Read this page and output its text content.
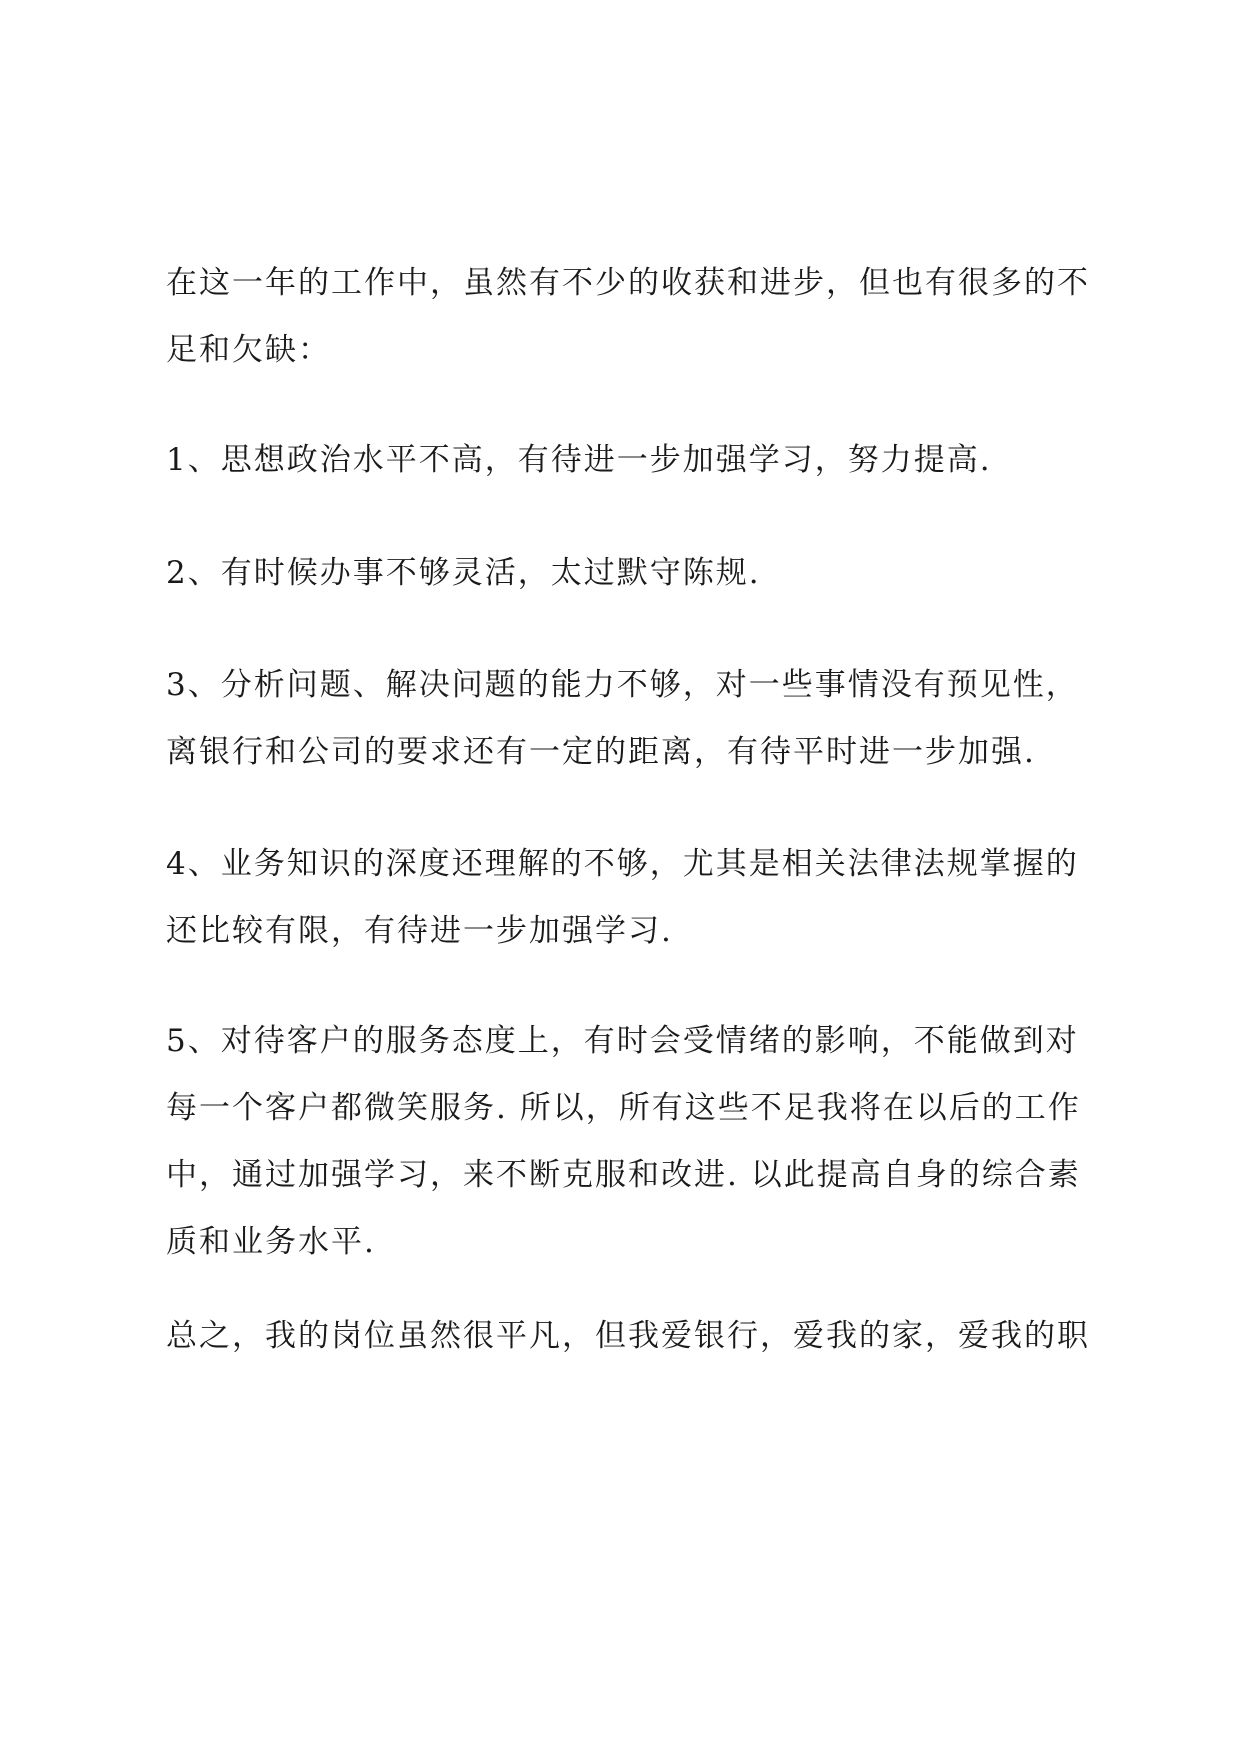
在这一年的工作中，虽然有不少的收获和进步，但也有很多的不
足和欠缺：
1、思想政治水平不高，有待进一步加强学习，努力提高.
2、有时候办事不够灵活，太过默守陈规.
3、分析问题、解决问题的能力不够，对一些事情没有预见性，
离银行和公司的要求还有一定的距离，有待平时进一步加强.
4、业务知识的深度还理解的不够，尤其是相关法律法规掌握的
还比较有限，有待进一步加强学习.
5、对待客户的服务态度上，有时会受情绪的影响，不能做到对
每一个客户都微笑服务. 所以，所有这些不足我将在以后的工作
中，通过加强学习，来不断克服和改进. 以此提高自身的综合素
质和业务水平.
总之，我的岗位虽然很平凡，但我爱银行，爱我的家，爱我的职
